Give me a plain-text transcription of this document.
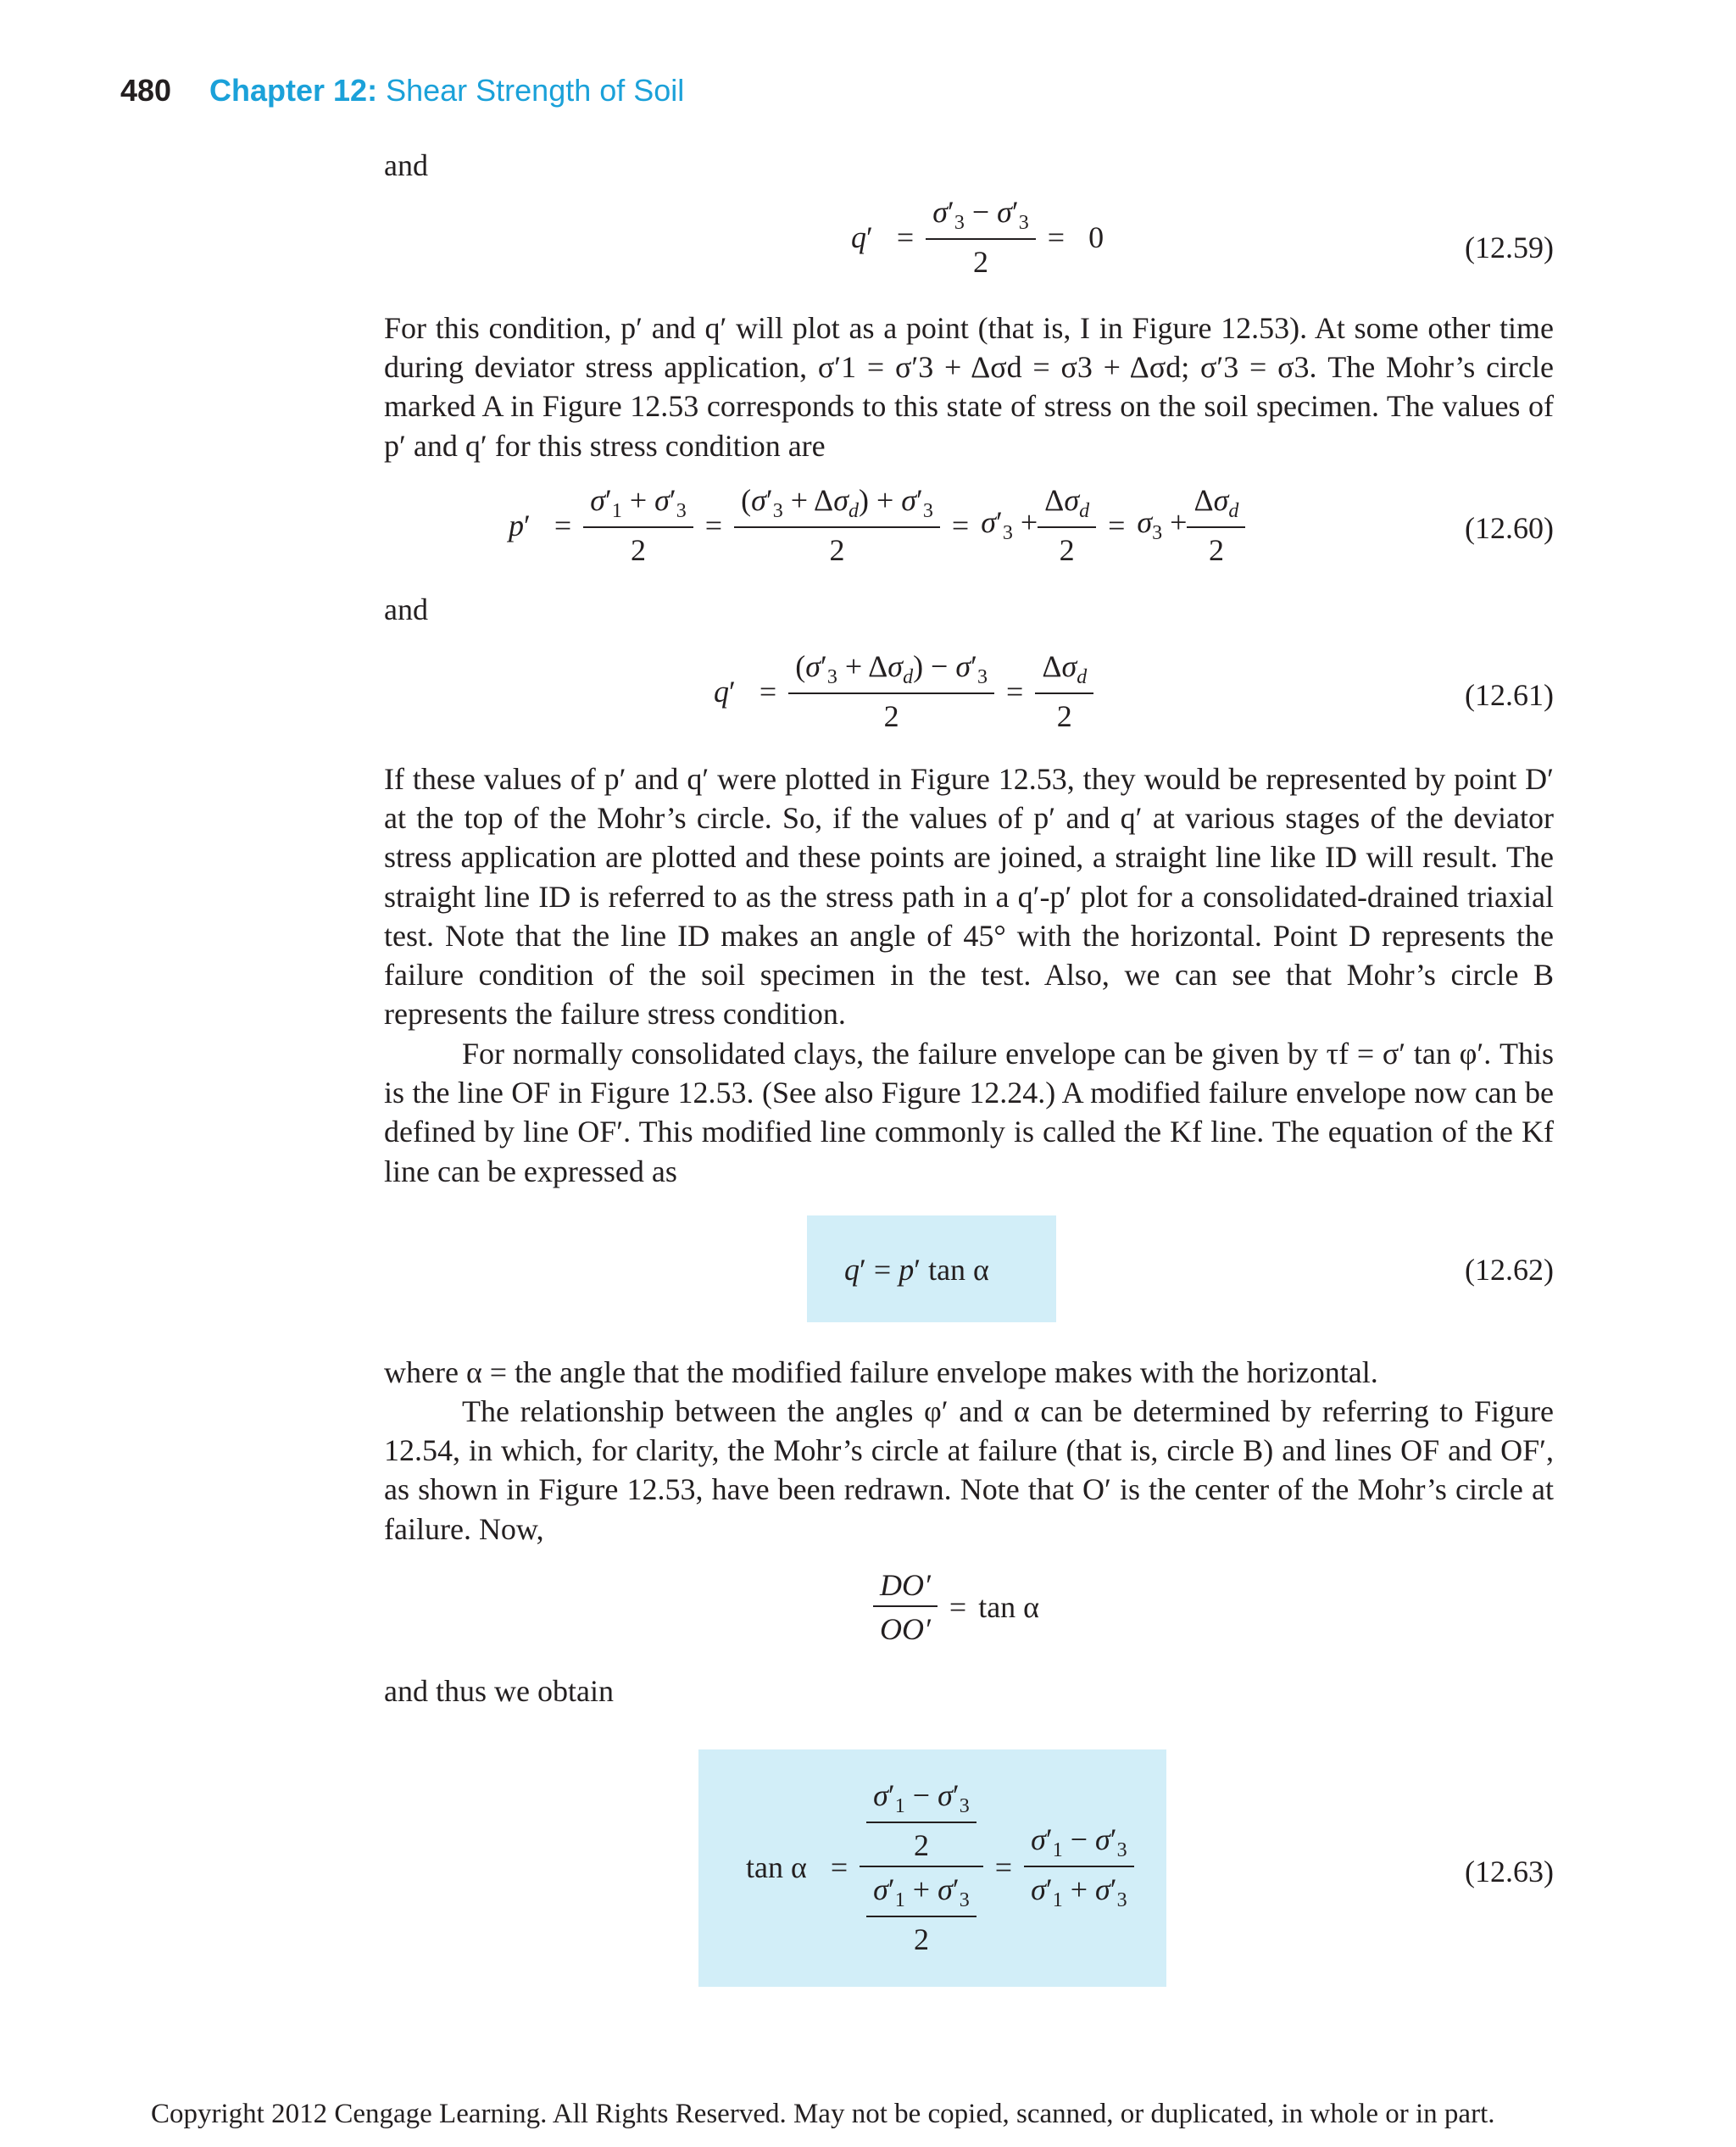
480 Chapter 12: Shear Strength of Soil
and
$q' = \frac{\sigma'_3 - \sigma'_3}{2} = 0$	(12.59)

For this condition, p′ and q′ will plot as a point (that is, I in Figure 12.53). At some other time during deviator stress application, σ′1 = σ′3 + Δσd = σ3 + Δσd; σ′3 = σ3. The Mohr’s circle marked A in Figure 12.53 corresponds to this state of stress on the soil specimen. The values of p′ and q′ for this stress condition are

$p' = \frac{\sigma'_1 + \sigma'_3}{2} = \frac{(\sigma'_3 + \Delta\sigma_d) + \sigma'_3}{2} = \sigma'_3 + \frac{\Delta\sigma_d}{2} = \sigma_3 + \frac{\Delta\sigma_d}{2}$	(12.60)
and
$q' = \frac{(\sigma'_3 + \Delta\sigma_d) - \sigma'_3}{2} = \frac{\Delta\sigma_d}{2}$	(12.61)

If these values of p′ and q′ were plotted in Figure 12.53, they would be represented by point D′ at the top of the Mohr’s circle. So, if the values of p′ and q′ at various stages of the deviator stress application are plotted and these points are joined, a straight line like ID will result. The straight line ID is referred to as the stress path in a q′-p′ plot for a consolidated-drained triaxial test. Note that the line ID makes an angle of 45° with the horizontal. Point D represents the failure condition of the soil specimen in the test. Also, we can see that Mohr’s circle B represents the failure stress condition.

For normally consolidated clays, the failure envelope can be given by τf = σ′ tan φ′. This is the line OF in Figure 12.53. (See also Figure 12.24.) A modified failure envelope now can be defined by line OF′. This modified line commonly is called the Kf line. The equation of the Kf line can be expressed as

q′ = p′ tan α	(12.62)

where α = the angle that the modified failure envelope makes with the horizontal.

The relationship between the angles φ′ and α can be determined by referring to Figure 12.54, in which, for clarity, the Mohr’s circle at failure (that is, circle B) and lines OF and OF′, as shown in Figure 12.53, have been redrawn. Note that O′ is the center of the Mohr’s circle at failure. Now,

$\frac{DO'}{OO'} = \tan \alpha$
and thus we obtain
$\tan \alpha = \frac{\frac{\sigma'_1 - \sigma'_3}{2}}{\frac{\sigma'_1 + \sigma'_3}{2}} = \frac{\sigma'_1 - \sigma'_3}{\sigma'_1 + \sigma'_3}$	(12.63)
Copyright 2012 Cengage Learning. All Rights Reserved. May not be copied, scanned, or duplicated, in whole or in part.
